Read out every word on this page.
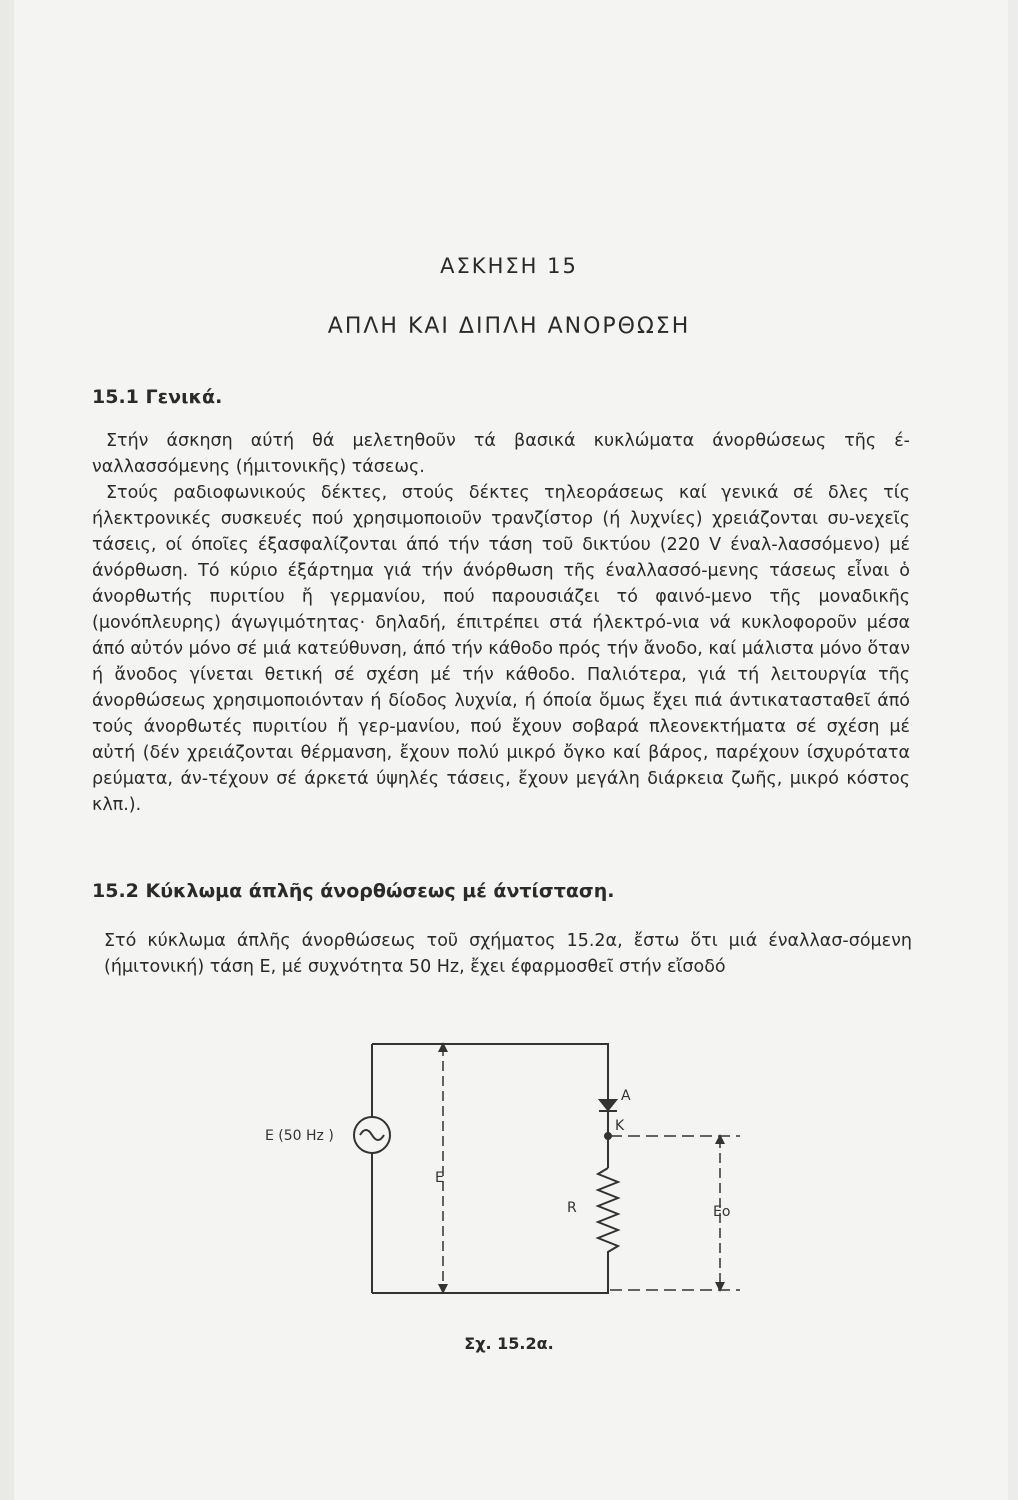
ΑΣΚΗΣΗ 15
ΑΠΛΗ ΚΑΙ ΔΙΠΛΗ ΑΝΟΡΘΩΣΗ
15.1 Γενικά.
Στήν άσκηση αύτή θά μελετηθοῦν τά βασικά κυκλώματα άνορθώσεως τῆς έ-ναλλασσόμενης (ήμιτονικῆς) τάσεως.
Στούς ραδιοφωνικούς δέκτες, στούς δέκτες τηλεοράσεως καί γενικά σέ δλες τίς ήλεκτρονικές συσκευές πού χρησιμοποιοῦν τρανζίστορ (ή λυχνίες) χρειάζονται συ-νεχεῖς τάσεις, οί όποῖες έξασφαλίζονται άπό τήν τάση τοῦ δικτύου (220 V έναλ-λασσόμενο) μέ άνόρθωση. Τό κύριο έξάρτημα γιά τήν άνόρθωση τῆς έναλλασσό-μενης τάσεως εἶναι ὁ άνορθωτής πυριτίου ἤ γερμανίου, πού παρουσιάζει τό φαινό-μενο τῆς μοναδικῆς (μονόπλευρης) άγωγιμότητας· δηλαδή, έπιτρέπει στά ήλεκτρό-νια νά κυκλοφοροῦν μέσα άπό αὐτόν μόνο σέ μιά κατεύθυνση, άπό τήν κάθοδο πρός τήν ἄνοδο, καί μάλιστα μόνο ὅταν ή ἄνοδος γίνεται θετική σέ σχέση μέ τήν κάθοδο. Παλιότερα, γιά τή λειτουργία τῆς άνορθώσεως χρησιμοποιόνταν ή δίοδος λυχνία, ή όποία ὅμως ἔχει πιά άντικατασταθεῖ άπό τούς άνορθωτές πυριτίου ἤ γερ-μανίου, πού ἔχουν σοβαρά πλεονεκτήματα σέ σχέση μέ αὐτή (δέν χρειάζονται θέρμανση, ἔχουν πολύ μικρό ὄγκο καί βάρος, παρέχουν ίσχυρότατα ρεύματα, άν-τέχουν σέ άρκετά ύψηλές τάσεις, ἔχουν μεγάλη διάρκεια ζωῆς, μικρό κόστος κλπ.).
15.2 Κύκλωμα άπλῆς άνορθώσεως μέ άντίσταση.
Στό κύκλωμα άπλῆς άνορθώσεως τοῦ σχήματος 15.2α, ἔστω ὅτι μιά έναλλασ-σόμενη (ήμιτονική) τάση Ε, μέ συχνότητα 50 Hz, ἔχει έφαρμοσθεῖ στήν εἴσοδό
E (50 Hz )
E
A
K
R	Eo
Σχ. 15.2α.
